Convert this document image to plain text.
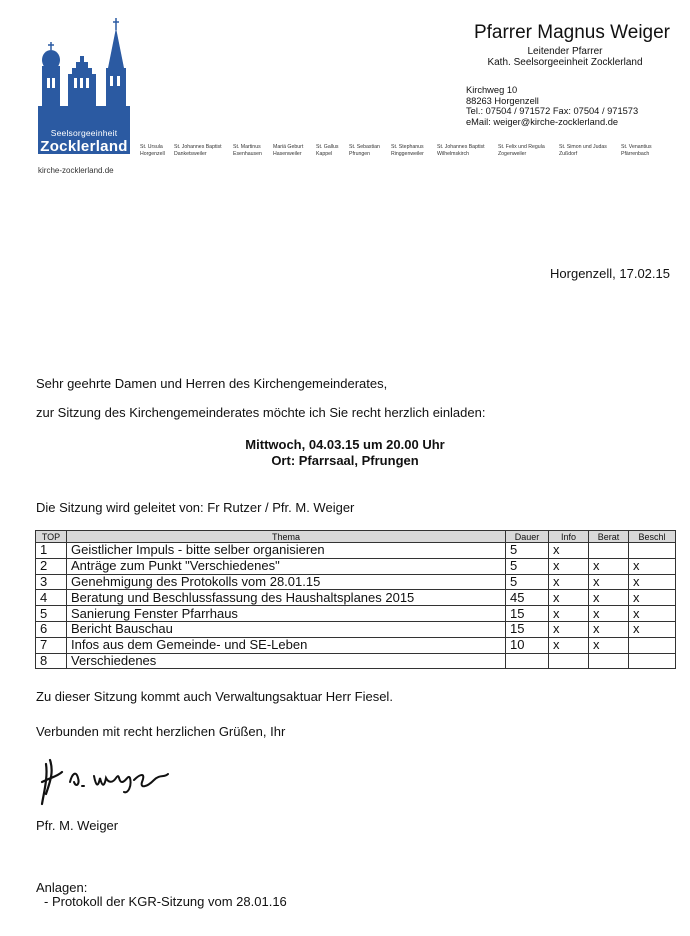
Seelsorgeeinheit
Zocklerland
kirche-zocklerland.de
St. Ursula
Horgenzell
St. Johannes Baptist
Danketsweiler
St. Martinus
Esenhausen
Mariä Geburt
Hasenweiler
St. Gallus
Kappel
St. Sebastian
Pfrungen
St. Stephanus
Ringgenweiler
St. Johannes Baptist
Wilhelmskirch
St. Felix und Regula
Zogenweiler
St. Simon und Judas
Zußdorf
St. Venantius
Pfärrenbach
Pfarrer Magnus Weiger
Leitender Pfarrer
Kath. Seelsorgeeinheit Zocklerland
Kirchweg 10
88263 Horgenzell
Tel.: 07504 / 971572 Fax: 07504 / 971573
eMail: weiger@kirche-zocklerland.de
Horgenzell, 17.02.15
Sehr geehrte Damen und Herren des Kirchengemeinderates,
zur Sitzung des Kirchengemeinderates möchte ich Sie recht herzlich einladen:
Mittwoch, 04.03.15 um 20.00 Uhr
Ort: Pfarrsaal, Pfrungen
Die Sitzung wird geleitet von: Fr Rutzer / Pfr. M. Weiger
TOP	Thema	Dauer	Info	Berat	Beschl
1	Geistlicher Impuls - bitte selber organisieren	5	x		
2	Anträge zum Punkt "Verschiedenes"	5	x	x	x
3	Genehmigung des Protokolls vom 28.01.15	5	x	x	x
4	Beratung und Beschlussfassung des Haushaltsplanes 2015	45	x	x	x
5	Sanierung Fenster Pfarrhaus	15	x	x	x
6	Bericht Bauschau	15	x	x	x
7	Infos aus dem Gemeinde- und SE-Leben	10	x	x	
8	Verschiedenes				
Zu dieser Sitzung kommt auch Verwaltungsaktuar Herr Fiesel.
Verbunden mit recht herzlichen Grüßen, Ihr
Pfr. M. Weiger
Anlagen:
- Protokoll der KGR-Sitzung vom 28.01.16
